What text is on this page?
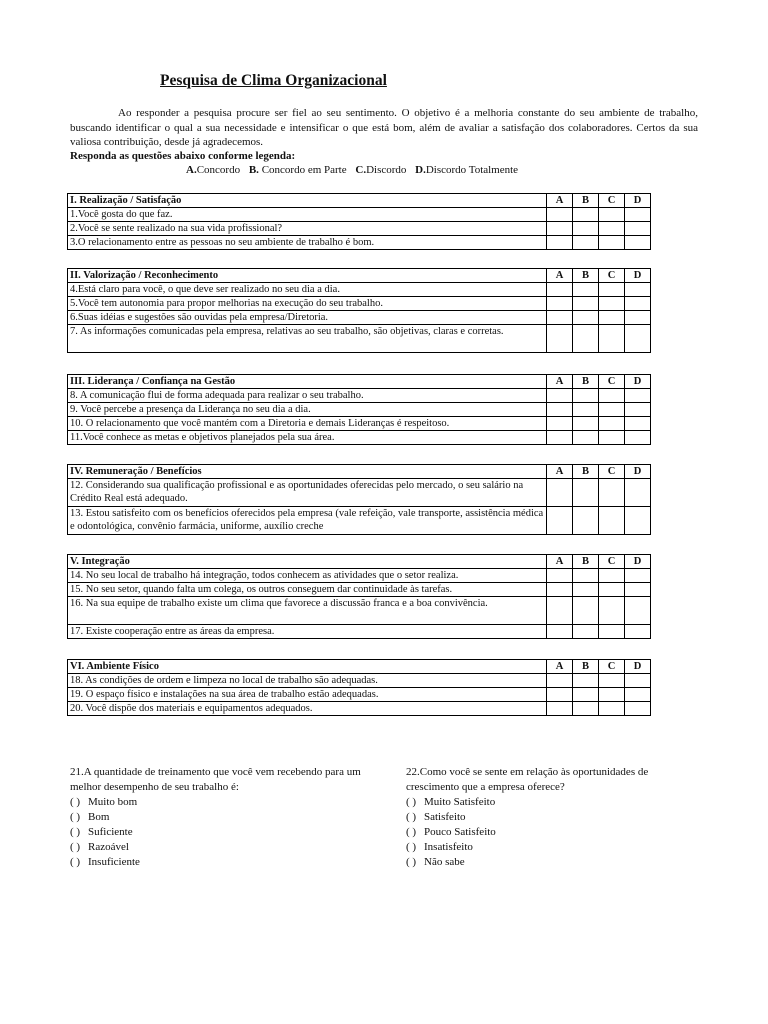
Pesquisa de Clima Organizacional
Ao responder a pesquisa procure ser fiel ao seu sentimento. O objetivo é a melhoria constante do seu ambiente de trabalho, buscando identificar o qual a sua necessidade e intensificar o que está bom, além de avaliar a satisfação dos colaboradores. Certos da sua valiosa contribuição, desde já agradecemos.
Responda as questões abaixo conforme legenda:
A.Concordo B. Concordo em Parte C.Discordo D.Discordo Totalmente
I. Realização / Satisfação	A	B	C	D
1.Você gosta do que faz.				
2.Você se sente realizado na sua vida profissional?				
3.O relacionamento entre as pessoas no seu ambiente de trabalho é bom.				
II. Valorização / Reconhecimento	A	B	C	D
4.Está claro para você, o que deve ser realizado no seu dia a dia.				
5.Você tem autonomia para propor melhorias na execução do seu trabalho.				
6.Suas idéias e sugestões são ouvidas pela empresa/Diretoria.				
7. As informações comunicadas pela empresa, relativas ao seu trabalho, são objetivas, claras e corretas.				
III. Liderança / Confiança na Gestão	A	B	C	D
8. A comunicação flui de forma adequada para realizar o seu trabalho.				
9. Você percebe a presença da Liderança no seu dia a dia.				
10. O relacionamento que você mantém com a Diretoria e demais Lideranças é respeitoso.				
11.Você conhece as metas e objetivos planejados pela sua área.				
IV. Remuneração / Benefícios	A	B	C	D
12. Considerando sua qualificação profissional e as oportunidades oferecidas pelo mercado, o seu salário na Crédito Real está adequado.				
13. Estou satisfeito com os benefícios oferecidos pela empresa (vale refeição, vale transporte, assistência médica e odontológica, convênio farmácia, uniforme, auxílio creche				
V. Integração	A	B	C	D
14. No seu local de trabalho há integração, todos conhecem as atividades que o setor realiza.				
15. No seu setor, quando falta um colega, os outros conseguem dar continuidade às tarefas.				
16. Na sua equipe de trabalho existe um clima que favorece a discussão franca e a boa convivência.				
17. Existe cooperação entre as áreas da empresa.				
VI. Ambiente Físico	A	B	C	D
18. As condições de ordem e limpeza no local de trabalho são adequadas.				
19. O espaço físico e instalações na sua área de trabalho estão adequadas.				
20. Você dispõe dos materiais e equipamentos adequados.				
21.A quantidade de treinamento que você vem recebendo para um melhor desempenho de seu trabalho é:
( ) Muito bom
( ) Bom
( ) Suficiente
( ) Razoável
( ) Insuficiente
22.Como você se sente em relação às oportunidades de crescimento que a empresa oferece?
( ) Muito Satisfeito
( ) Satisfeito
( ) Pouco Satisfeito
( ) Insatisfeito
( ) Não sabe
